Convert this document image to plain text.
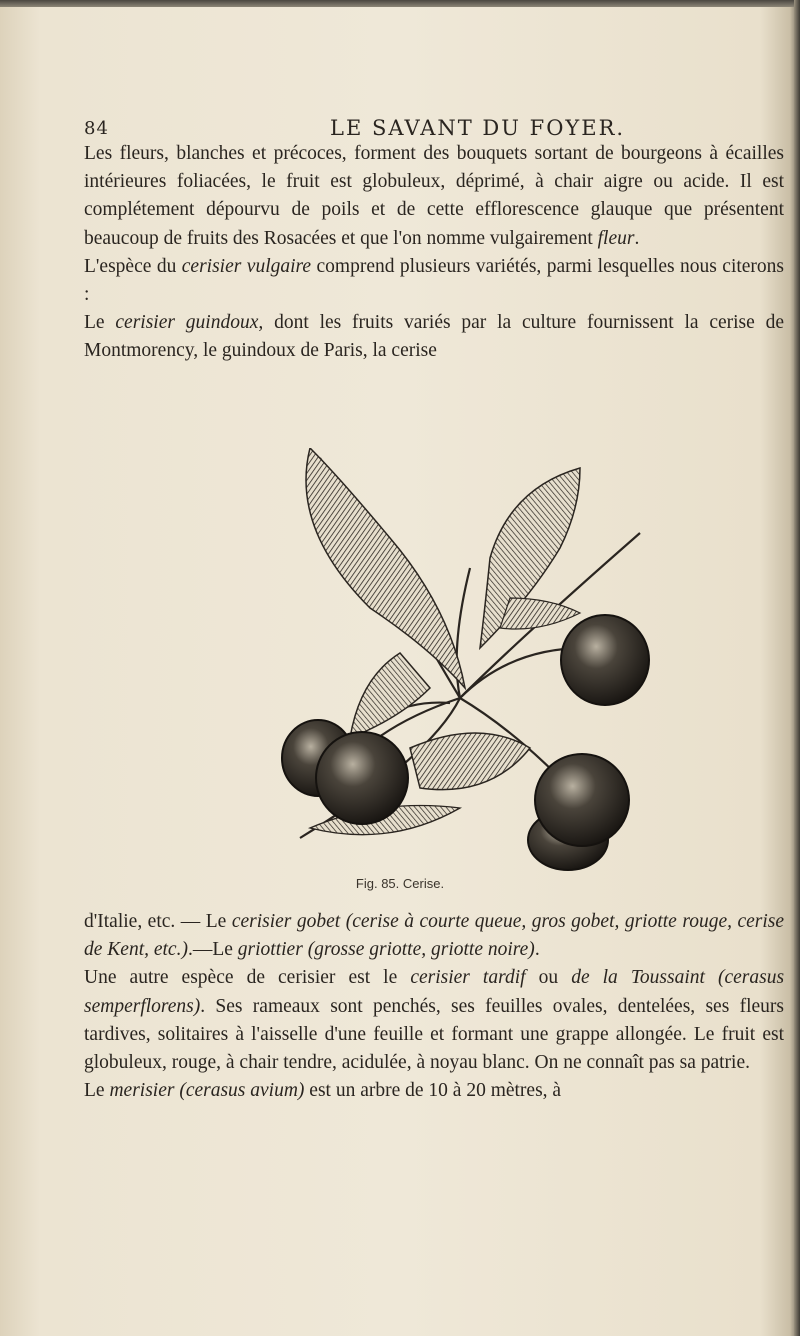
84	LE SAVANT DU FOYER.

Les fleurs, blanches et précoces, forment des bouquets sortant de bourgeons à écailles intérieures foliacées, le fruit est globuleux, déprimé, à chair aigre ou acide. Il est complétement dépourvu de poils et de cette efflorescence glauque que présentent beaucoup de fruits des Rosacées et que l'on nomme vulgairement fleur.

L'espèce du cerisier vulgaire comprend plusieurs variétés, parmi lesquelles nous citerons :

Le cerisier guindoux, dont les fruits variés par la culture fournissent la cerise de Montmorency, le guindoux de Paris, la cerise

Fig. 85. Cerise.

d'Italie, etc. — Le cerisier gobet (cerise à courte queue, gros gobet, griotte rouge, cerise de Kent, etc.).—Le griottier (grosse griotte, griotte noire).

Une autre espèce de cerisier est le cerisier tardif ou de la Toussaint (cerasus semperflorens). Ses rameaux sont penchés, ses feuilles ovales, dentelées, ses fleurs tardives, solitaires à l'aisselle d'une feuille et formant une grappe allongée. Le fruit est globuleux, rouge, à chair tendre, acidulée, à noyau blanc. On ne connaît pas sa patrie.

Le merisier (cerasus avium) est un arbre de 10 à 20 mètres, à
